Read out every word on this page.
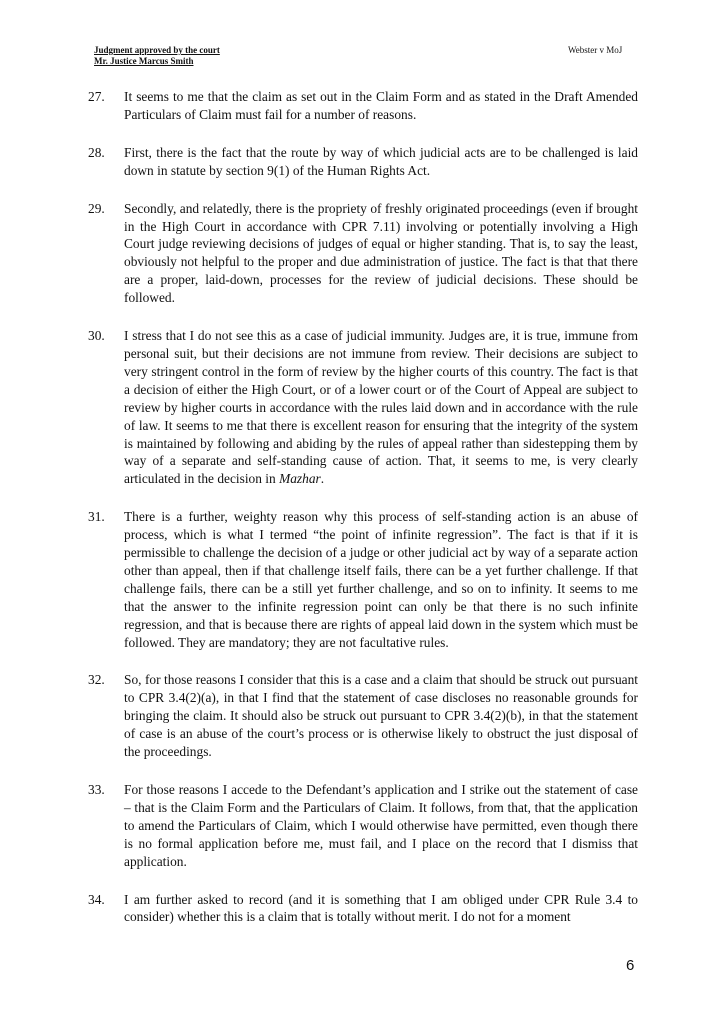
Judgment approved by the court
Mr. Justice Marcus Smith
Webster v MoJ
27. It seems to me that the claim as set out in the Claim Form and as stated in the Draft Amended Particulars of Claim must fail for a number of reasons.
28. First, there is the fact that the route by way of which judicial acts are to be challenged is laid down in statute by section 9(1) of the Human Rights Act.
29. Secondly, and relatedly, there is the propriety of freshly originated proceedings (even if brought in the High Court in accordance with CPR 7.11) involving or potentially involving a High Court judge reviewing decisions of judges of equal or higher standing. That is, to say the least, obviously not helpful to the proper and due administration of justice. The fact is that that there are a proper, laid-down, processes for the review of judicial decisions. These should be followed.
30. I stress that I do not see this as a case of judicial immunity. Judges are, it is true, immune from personal suit, but their decisions are not immune from review. Their decisions are subject to very stringent control in the form of review by the higher courts of this country. The fact is that a decision of either the High Court, or of a lower court or of the Court of Appeal are subject to review by higher courts in accordance with the rules laid down and in accordance with the rule of law. It seems to me that there is excellent reason for ensuring that the integrity of the system is maintained by following and abiding by the rules of appeal rather than sidestepping them by way of a separate and self-standing cause of action. That, it seems to me, is very clearly articulated in the decision in Mazhar.
31. There is a further, weighty reason why this process of self-standing action is an abuse of process, which is what I termed “the point of infinite regression”. The fact is that if it is permissible to challenge the decision of a judge or other judicial act by way of a separate action other than appeal, then if that challenge itself fails, there can be a yet further challenge. If that challenge fails, there can be a still yet further challenge, and so on to infinity. It seems to me that the answer to the infinite regression point can only be that there is no such infinite regression, and that is because there are rights of appeal laid down in the system which must be followed. They are mandatory; they are not facultative rules.
32. So, for those reasons I consider that this is a case and a claim that should be struck out pursuant to CPR 3.4(2)(a), in that I find that the statement of case discloses no reasonable grounds for bringing the claim. It should also be struck out pursuant to CPR 3.4(2)(b), in that the statement of case is an abuse of the court’s process or is otherwise likely to obstruct the just disposal of the proceedings.
33. For those reasons I accede to the Defendant’s application and I strike out the statement of case – that is the Claim Form and the Particulars of Claim. It follows, from that, that the application to amend the Particulars of Claim, which I would otherwise have permitted, even though there is no formal application before me, must fail, and I place on the record that I dismiss that application.
34. I am further asked to record (and it is something that I am obliged under CPR Rule 3.4 to consider) whether this is a claim that is totally without merit. I do not for a moment
6
